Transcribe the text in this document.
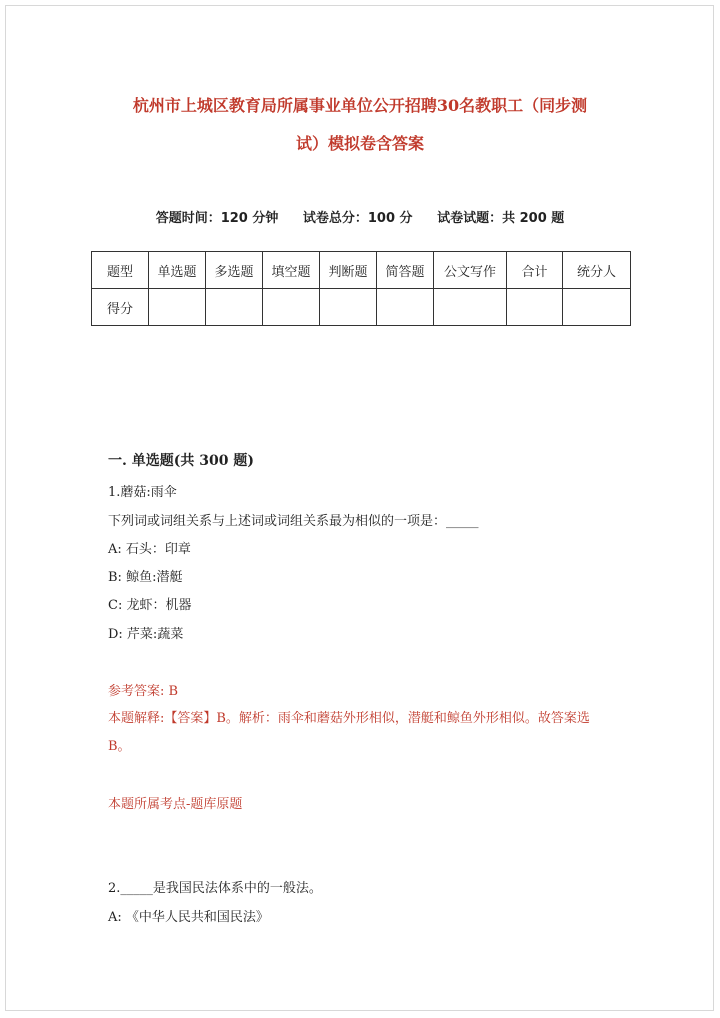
杭州市上城区教育局所属事业单位公开招聘30名教职工（同步测
试）模拟卷含答案
答题时间：120 分钟 试卷总分：100 分 试卷试题：共 200 题
题型	单选题	多选题	填空题	判断题	简答题	公文写作	合计	统分人
得分								
一. 单选题(共 300 题)
1.蘑菇:雨伞
下列词或词组关系与上述词或词组关系最为相似的一项是：_____
A: 石头：印章
B: 鲸鱼:潜艇
C: 龙虾：机器
D: 芹菜:蔬菜
参考答案: B
本题解释:【答案】B。解析：雨伞和蘑菇外形相似，潜艇和鲸鱼外形相似。故答案选 B。
本题所属考点-题库原题
2._____是我国民法体系中的一般法。
A: 《中华人民共和国民法》
